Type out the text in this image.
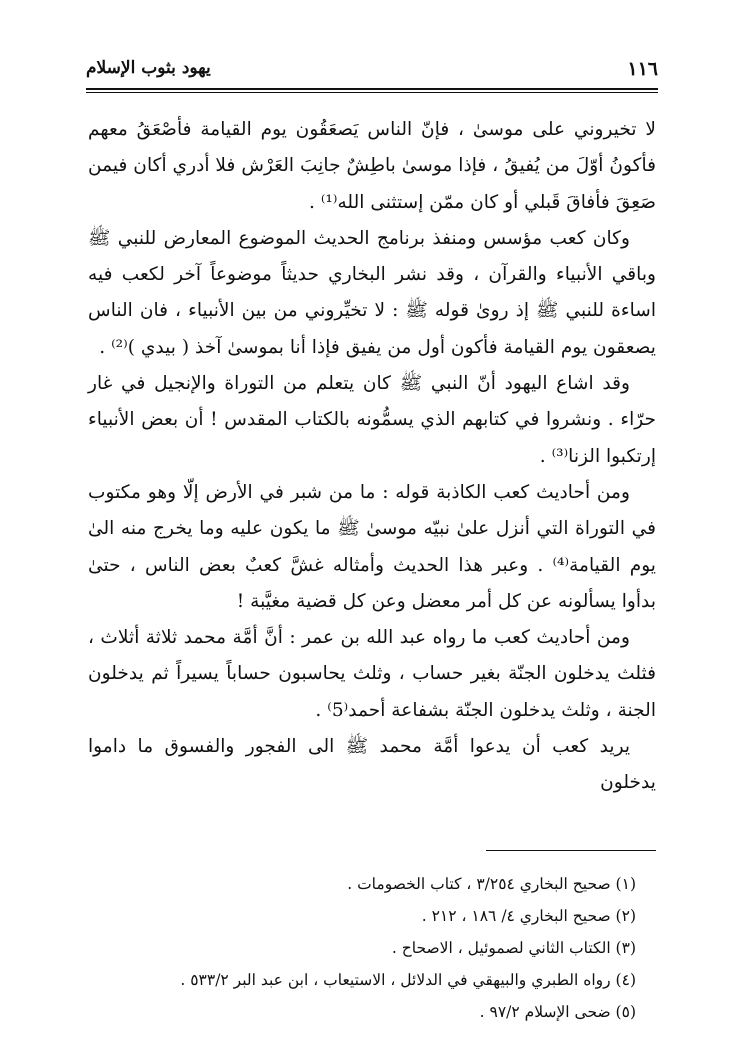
١١٦
يهود بثوب الإسلام

لا تخيروني على موسىٰ ، فإنّ الناس يَصعَقُون يوم القيامة فأصْعَقُ معهم فأكونُ أوّلَ من يُفيقُ ، فإذا موسىٰ باطِشٌ جانِبَ العَرْش فلا أدري أكان فيمن صَعِقَ فأفاقَ قَبلي أو كان ممّن إستثنى الله⁽¹⁾ .

وكان كعب مؤسس ومنفذ برنامج الحديث الموضوع المعارض للنبي ﷺ وباقي الأنبياء والقرآن ، وقد نشر البخاري حديثاً موضوعاً آخر لكعب فيه اساءة للنبي ﷺ إذ روىٰ قوله ﷺ : لا تخيِّروني من بين الأنبياء ، فان الناس يصعقون يوم القيامة فأكون أول من يفيق فإذا أنا بموسىٰ آخذ ( بيدي )⁽²⁾ .

وقد اشاع اليهود أنّ النبي ﷺ كان يتعلم من التوراة والإنجيل في غار حرّاء . ونشروا في كتابهم الذي يسمُّونه بالكتاب المقدس ! أن بعض الأنبياء إرتكبوا الزنا⁽³⁾ .

ومن أحاديث كعب الكاذبة قوله : ما من شبر في الأرض إلّا وهو مكتوب في التوراة التي أنزل علىٰ نبيّه موسىٰ ﷺ ما يكون عليه وما يخرج منه الىٰ يوم القيامة⁽⁴⁾ . وعبر هذا الحديث وأمثاله غشَّ كعبٌ بعض الناس ، حتىٰ بدأوا يسألونه عن كل أمر معضل وعن كل قضية مغيَّبة !

ومن أحاديث كعب ما رواه عبد الله بن عمر : أنَّ أمَّة محمد ثلاثة أثلاث ، فثلث يدخلون الجنّة بغير حساب ، وثلث يحاسبون حساباً يسيراً ثم يدخلون الجنة ، وثلث يدخلون الجنّة بشفاعة أحمد⁽5⁾ .

يريد كعب أن يدعوا أمَّة محمد ﷺ الى الفجور والفسوق ما داموا يدخلون

(١) صحيح البخاري ٣/٢٥٤ ، كتاب الخصومات .

(٢) صحيح البخاري ٤/ ١٨٦ ، ٢١٢ .

(٣) الكتاب الثاني لصموئيل ، الاصحاح .

(٤) رواه الطبري والبيهقي في الدلائل ، الاستيعاب ، ابن عبد البر ٥٣٣/٢ .

(٥) ضحى الإسلام ٩٧/٢ .
